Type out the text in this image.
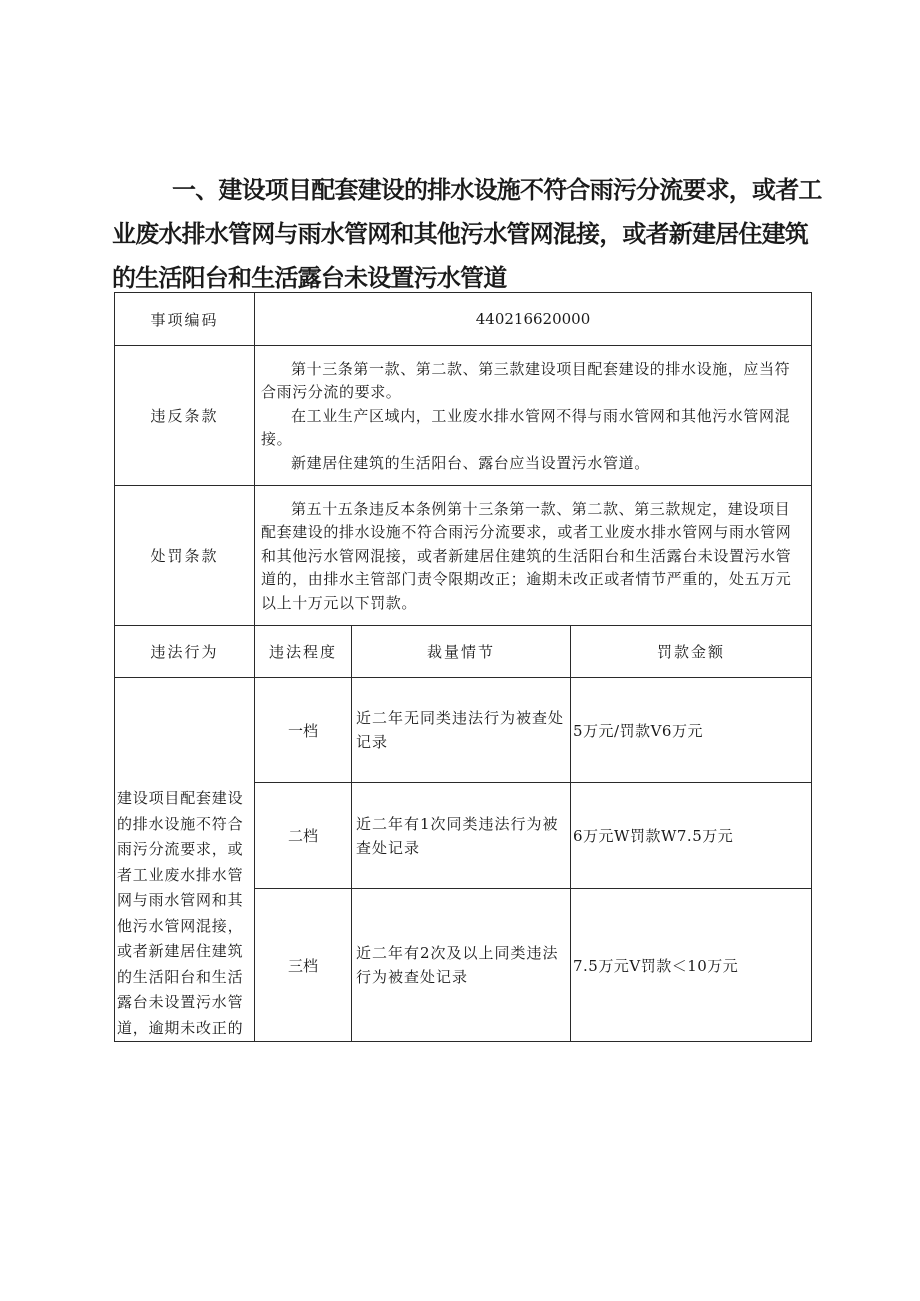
一、建设项目配套建设的排水设施不符合雨污分流要求，或者工
业废水排水管网与雨水管网和其他污水管网混接，或者新建居住建筑
的生活阳台和生活露台未设置污水管道
事项编码	440216620000		
违反条款	第十三条第一款、第二款、第三款建设项目配套建设的排水设施，应当符合雨污分流的要求。

在工业生产区域内，工业废水排水管网不得与雨水管网和其他污水管网混接。

新建居住建筑的生活阳台、露台应当设置污水管道。		

处罚条款	第五十五条违反本条例第十三条第一款、第二款、第三款规定，建设项目配套建设的排水设施不符合雨污分流要求，或者工业废水排水管网与雨水管网和其他污水管网混接，或者新建居住建筑的生活阳台和生活露台未设置污水管道的，由排水主管部门责令限期改正；逾期未改正或者情节严重的，处五万元以上十万元以下罚款。		

违法行为	违法程度	裁量情节	罚款金额

建设项目配套建设的排水设施不符合雨污分流要求，或者工业废水排水管网与雨水管网和其他污水管网混接，或者新建居住建筑的生活阳台和生活露台未设置污水管道，逾期未改正的	一档	近二年无同类违法行为被查处记录	5万元/罚款V6万元
	二档	近二年有1次同类违法行为被查处记录	6万元W罚款W7.5万元
	三档	近二年有2次及以上同类违法行为被查处记录	7.5万元V罚款＜10万元
